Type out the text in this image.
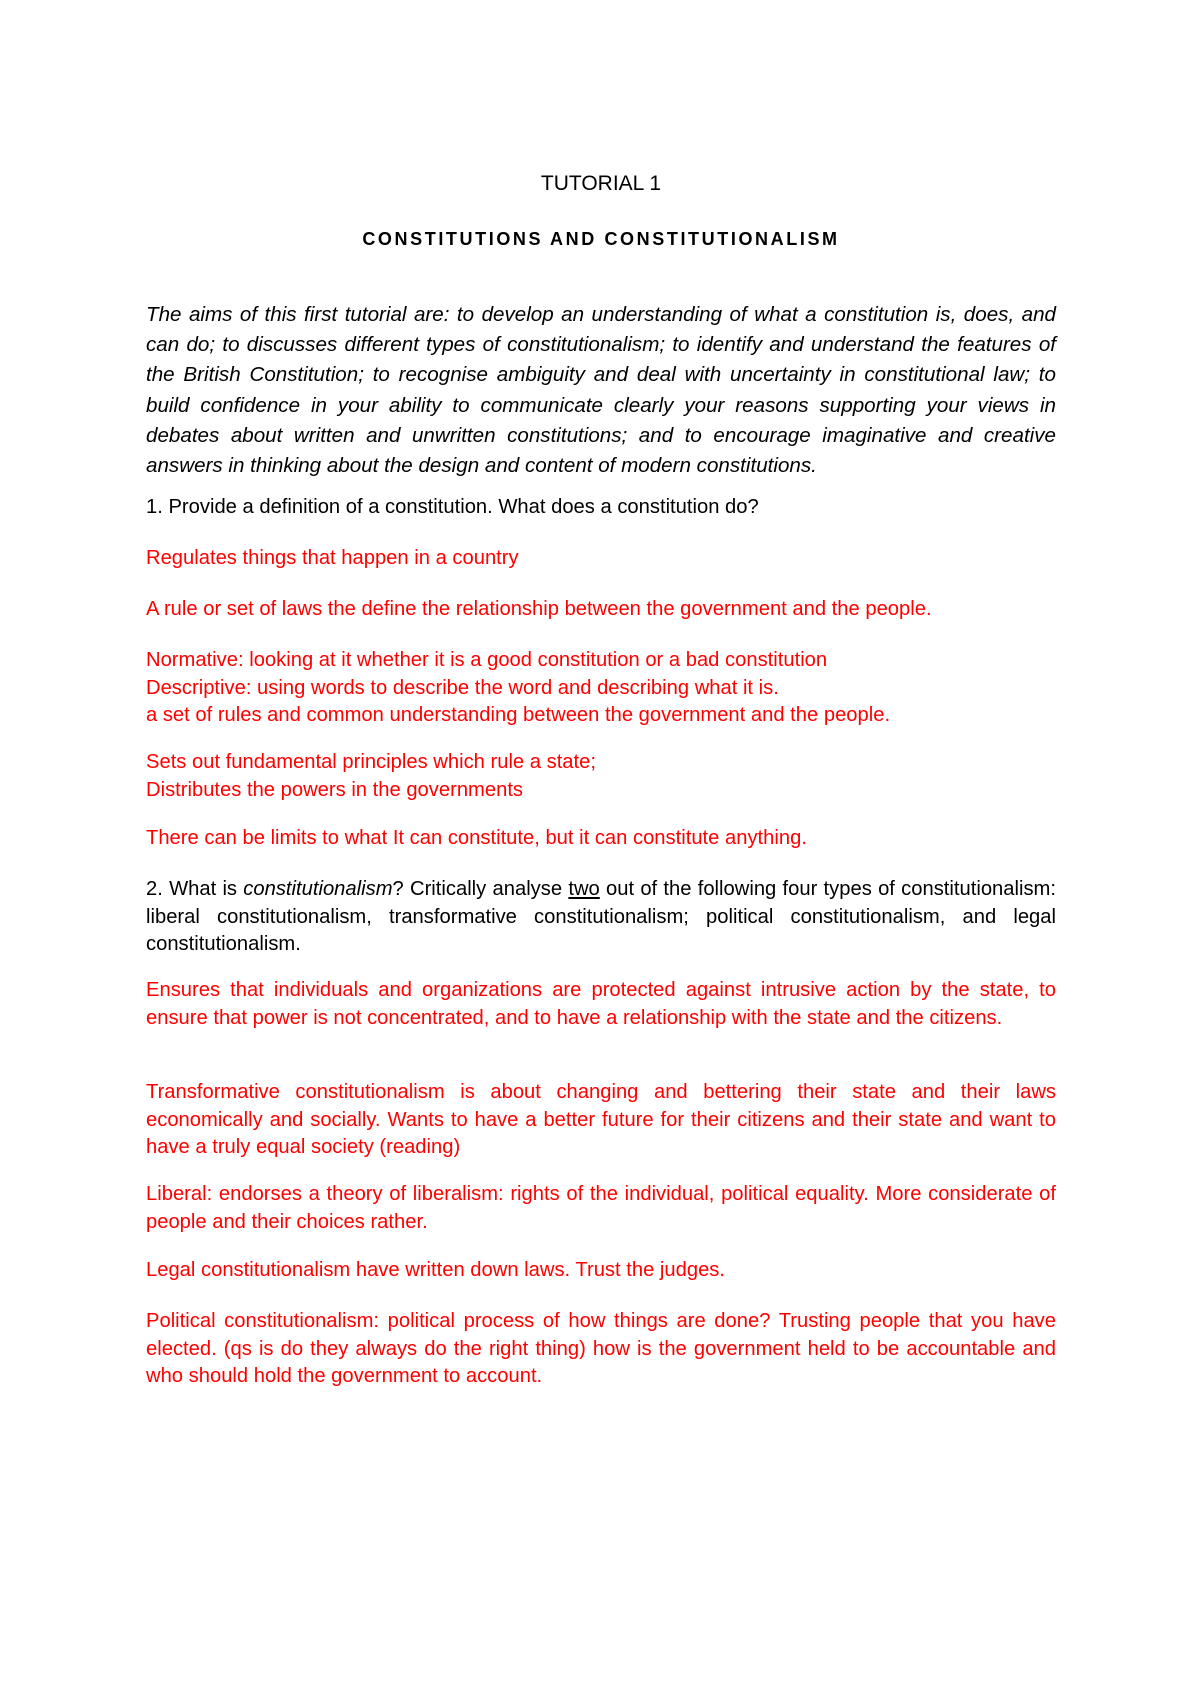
TUTORIAL 1
CONSTITUTIONS AND CONSTITUTIONALISM
The aims of this first tutorial are: to develop an understanding of what a constitution is, does, and can do; to discusses different types of constitutionalism; to identify and understand the features of the British Constitution; to recognise ambiguity and deal with uncertainty in constitutional law; to build confidence in your ability to communicate clearly your reasons supporting your views in debates about written and unwritten constitutions; and to encourage imaginative and creative answers in thinking about the design and content of modern constitutions.
1. Provide a definition of a constitution. What does a constitution do?
Regulates things that happen in a country
A rule or set of laws the define the relationship between the government and the people.
Normative: looking at it whether it is a good constitution or a bad constitution
Descriptive: using words to describe the word and describing what it is.
a set of rules and common understanding between the government and the people.
Sets out fundamental principles which rule a state;
Distributes the powers in the governments
There can be limits to what It can constitute, but it can constitute anything.
2. What is constitutionalism? Critically analyse two out of the following four types of constitutionalism: liberal constitutionalism, transformative constitutionalism; political constitutionalism, and legal constitutionalism.
Ensures that individuals and organizations are protected against intrusive action by the state, to ensure that power is not concentrated, and to have a relationship with the state and the citizens.
Transformative constitutionalism is about changing and bettering their state and their laws economically and socially. Wants to have a better future for their citizens and their state and want to have a truly equal society (reading)
Liberal: endorses a theory of liberalism: rights of the individual, political equality. More considerate of people and their choices rather.
Legal constitutionalism have written down laws. Trust the judges.
Political constitutionalism: political process of how things are done? Trusting people that you have elected. (qs is do they always do the right thing) how is the government held to be accountable and who should hold the government to account.
